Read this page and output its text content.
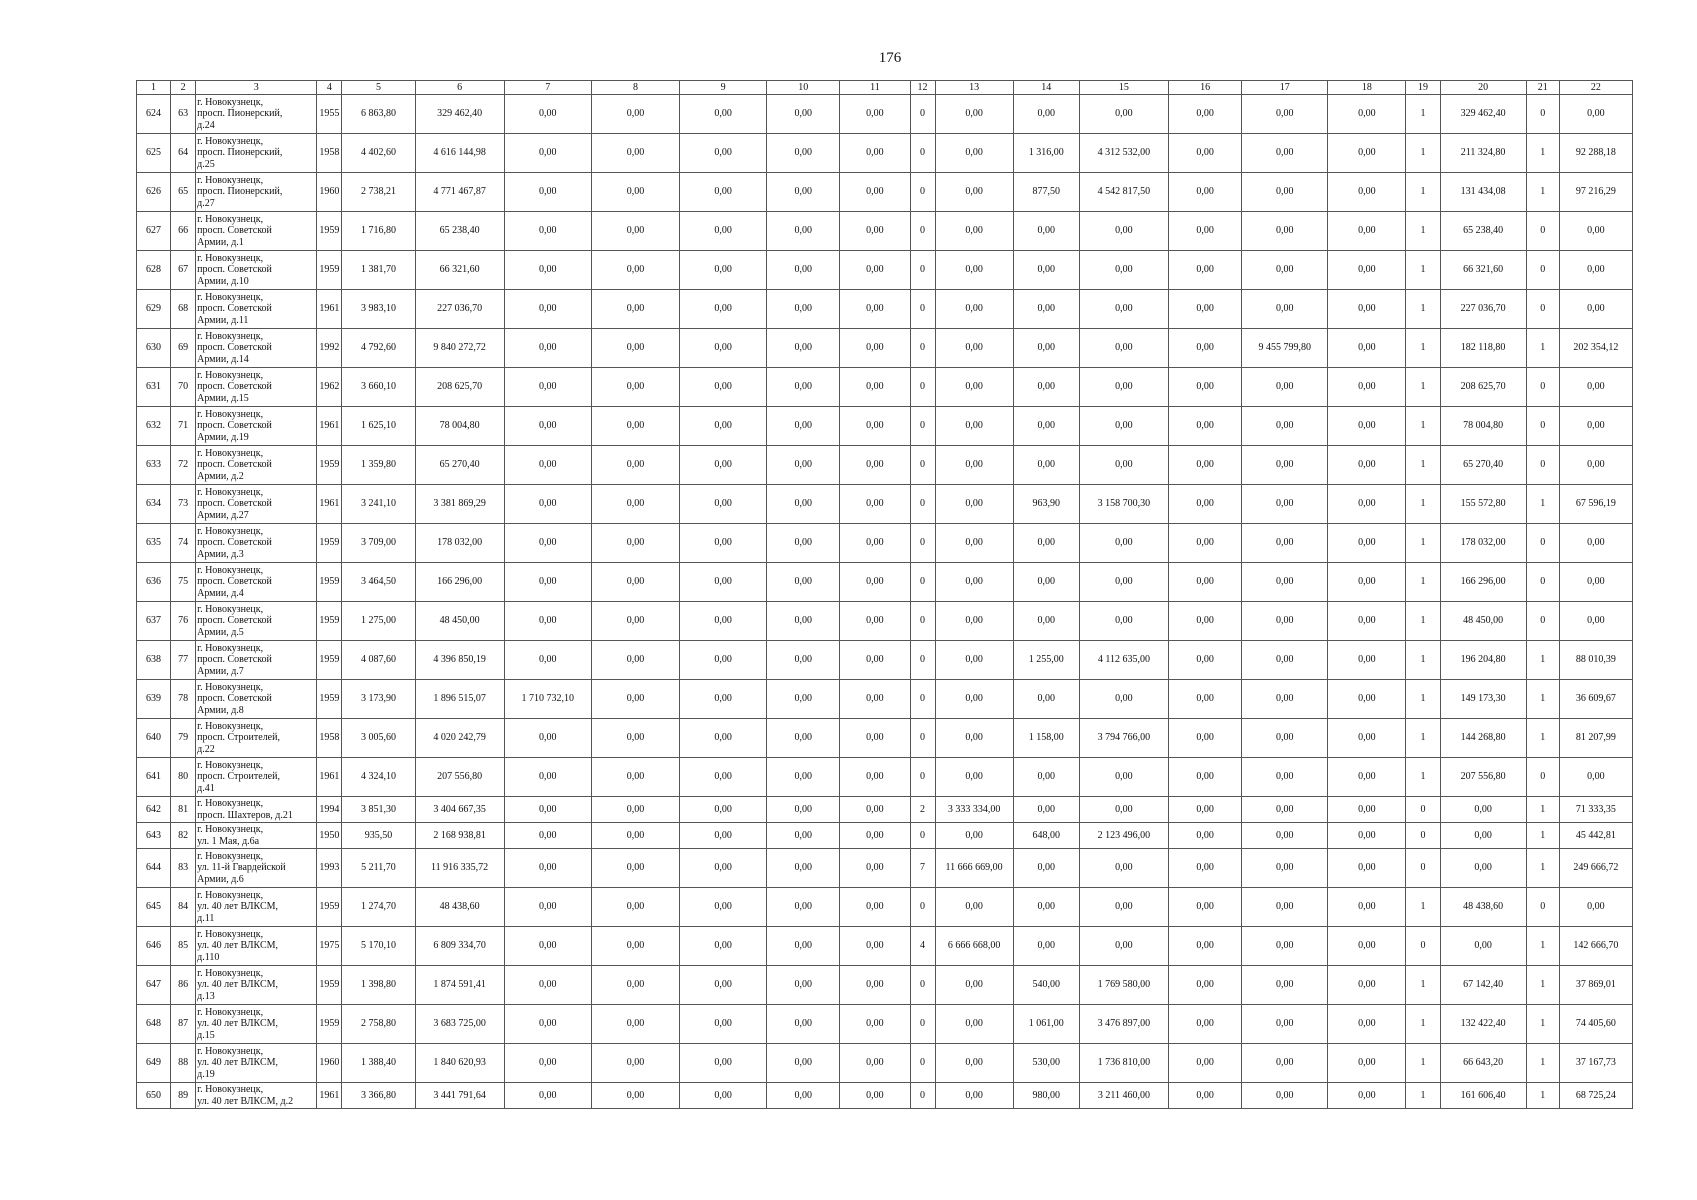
176
1	2	3	4	5	6	7	8	9	10	11	12	13	14	15	16	17	18	19	20	21	22
624	63	г. Новокузнецк,
просп. Пионерский,
д.24	1955	6 863,80	329 462,40	0,00	0,00	0,00	0,00	0,00	0	0,00	0,00	0,00	0,00	0,00	0,00	1	329 462,40	0	0,00
625	64	г. Новокузнецк,
просп. Пионерский,
д.25	1958	4 402,60	4 616 144,98	0,00	0,00	0,00	0,00	0,00	0	0,00	1 316,00	4 312 532,00	0,00	0,00	0,00	1	211 324,80	1	92 288,18
626	65	г. Новокузнецк,
просп. Пионерский,
д.27	1960	2 738,21	4 771 467,87	0,00	0,00	0,00	0,00	0,00	0	0,00	877,50	4 542 817,50	0,00	0,00	0,00	1	131 434,08	1	97 216,29
627	66	г. Новокузнецк,
просп. Советской
Армии, д.1	1959	1 716,80	65 238,40	0,00	0,00	0,00	0,00	0,00	0	0,00	0,00	0,00	0,00	0,00	0,00	1	65 238,40	0	0,00
628	67	г. Новокузнецк,
просп. Советской
Армии, д.10	1959	1 381,70	66 321,60	0,00	0,00	0,00	0,00	0,00	0	0,00	0,00	0,00	0,00	0,00	0,00	1	66 321,60	0	0,00
629	68	г. Новокузнецк,
просп. Советской
Армии, д.11	1961	3 983,10	227 036,70	0,00	0,00	0,00	0,00	0,00	0	0,00	0,00	0,00	0,00	0,00	0,00	1	227 036,70	0	0,00
630	69	г. Новокузнецк,
просп. Советской
Армии, д.14	1992	4 792,60	9 840 272,72	0,00	0,00	0,00	0,00	0,00	0	0,00	0,00	0,00	0,00	9 455 799,80	0,00	1	182 118,80	1	202 354,12
631	70	г. Новокузнецк,
просп. Советской
Армии, д.15	1962	3 660,10	208 625,70	0,00	0,00	0,00	0,00	0,00	0	0,00	0,00	0,00	0,00	0,00	0,00	1	208 625,70	0	0,00
632	71	г. Новокузнецк,
просп. Советской
Армии, д.19	1961	1 625,10	78 004,80	0,00	0,00	0,00	0,00	0,00	0	0,00	0,00	0,00	0,00	0,00	0,00	1	78 004,80	0	0,00
633	72	г. Новокузнецк,
просп. Советской
Армии, д.2	1959	1 359,80	65 270,40	0,00	0,00	0,00	0,00	0,00	0	0,00	0,00	0,00	0,00	0,00	0,00	1	65 270,40	0	0,00
634	73	г. Новокузнецк,
просп. Советской
Армии, д.27	1961	3 241,10	3 381 869,29	0,00	0,00	0,00	0,00	0,00	0	0,00	963,90	3 158 700,30	0,00	0,00	0,00	1	155 572,80	1	67 596,19
635	74	г. Новокузнецк,
просп. Советской
Армии, д.3	1959	3 709,00	178 032,00	0,00	0,00	0,00	0,00	0,00	0	0,00	0,00	0,00	0,00	0,00	0,00	1	178 032,00	0	0,00
636	75	г. Новокузнецк,
просп. Советской
Армии, д.4	1959	3 464,50	166 296,00	0,00	0,00	0,00	0,00	0,00	0	0,00	0,00	0,00	0,00	0,00	0,00	1	166 296,00	0	0,00
637	76	г. Новокузнецк,
просп. Советской
Армии, д.5	1959	1 275,00	48 450,00	0,00	0,00	0,00	0,00	0,00	0	0,00	0,00	0,00	0,00	0,00	0,00	1	48 450,00	0	0,00
638	77	г. Новокузнецк,
просп. Советской
Армии, д.7	1959	4 087,60	4 396 850,19	0,00	0,00	0,00	0,00	0,00	0	0,00	1 255,00	4 112 635,00	0,00	0,00	0,00	1	196 204,80	1	88 010,39
639	78	г. Новокузнецк,
просп. Советской
Армии, д.8	1959	3 173,90	1 896 515,07	1 710 732,10	0,00	0,00	0,00	0,00	0	0,00	0,00	0,00	0,00	0,00	0,00	1	149 173,30	1	36 609,67
640	79	г. Новокузнецк,
просп. Строителей,
д.22	1958	3 005,60	4 020 242,79	0,00	0,00	0,00	0,00	0,00	0	0,00	1 158,00	3 794 766,00	0,00	0,00	0,00	1	144 268,80	1	81 207,99
641	80	г. Новокузнецк,
просп. Строителей,
д.41	1961	4 324,10	207 556,80	0,00	0,00	0,00	0,00	0,00	0	0,00	0,00	0,00	0,00	0,00	0,00	1	207 556,80	0	0,00
642	81	г. Новокузнецк,
просп. Шахтеров, д.21	1994	3 851,30	3 404 667,35	0,00	0,00	0,00	0,00	0,00	2	3 333 334,00	0,00	0,00	0,00	0,00	0,00	0	0,00	1	71 333,35
643	82	г. Новокузнецк,
ул. 1 Мая, д.6а	1950	935,50	2 168 938,81	0,00	0,00	0,00	0,00	0,00	0	0,00	648,00	2 123 496,00	0,00	0,00	0,00	0	0,00	1	45 442,81
644	83	г. Новокузнецк,
ул. 11-й Гвардейской
Армии, д.6	1993	5 211,70	11 916 335,72	0,00	0,00	0,00	0,00	0,00	7	11 666 669,00	0,00	0,00	0,00	0,00	0,00	0	0,00	1	249 666,72
645	84	г. Новокузнецк,
ул. 40 лет ВЛКСМ,
д.11	1959	1 274,70	48 438,60	0,00	0,00	0,00	0,00	0,00	0	0,00	0,00	0,00	0,00	0,00	0,00	1	48 438,60	0	0,00
646	85	г. Новокузнецк,
ул. 40 лет ВЛКСМ,
д.110	1975	5 170,10	6 809 334,70	0,00	0,00	0,00	0,00	0,00	4	6 666 668,00	0,00	0,00	0,00	0,00	0,00	0	0,00	1	142 666,70
647	86	г. Новокузнецк,
ул. 40 лет ВЛКСМ,
д.13	1959	1 398,80	1 874 591,41	0,00	0,00	0,00	0,00	0,00	0	0,00	540,00	1 769 580,00	0,00	0,00	0,00	1	67 142,40	1	37 869,01
648	87	г. Новокузнецк,
ул. 40 лет ВЛКСМ,
д.15	1959	2 758,80	3 683 725,00	0,00	0,00	0,00	0,00	0,00	0	0,00	1 061,00	3 476 897,00	0,00	0,00	0,00	1	132 422,40	1	74 405,60
649	88	г. Новокузнецк,
ул. 40 лет ВЛКСМ,
д.19	1960	1 388,40	1 840 620,93	0,00	0,00	0,00	0,00	0,00	0	0,00	530,00	1 736 810,00	0,00	0,00	0,00	1	66 643,20	1	37 167,73
650	89	г. Новокузнецк,
ул. 40 лет ВЛКСМ, д.2	1961	3 366,80	3 441 791,64	0,00	0,00	0,00	0,00	0,00	0	0,00	980,00	3 211 460,00	0,00	0,00	0,00	1	161 606,40	1	68 725,24
